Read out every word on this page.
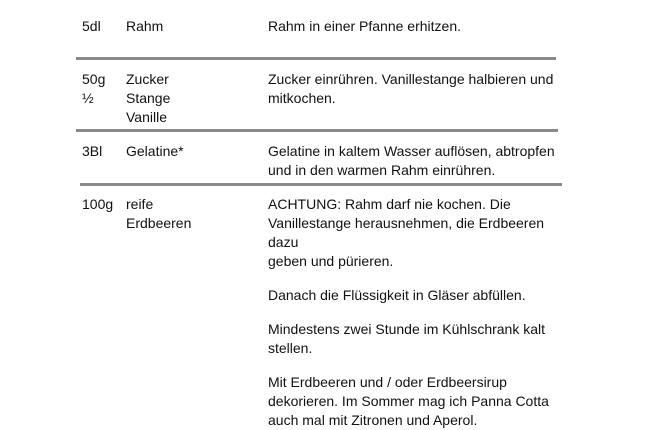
5dl Rahm	Rahm in einer Pfanne erhitzen.

50g
½
Zucker
Stange Vanille

Zucker einrühren. Vanillestange halbieren und
mitkochen.

3Bl Gelatine*	Gelatine in kaltem Wasser auflösen, abtropfen
und in den warmen Rahm einrühren.

100g reife Erdbeeren

ACHTUNG: Rahm darf nie kochen. Die
Vanillestange herausnehmen, die Erdbeeren dazu
geben und pürieren.

Danach die Flüssigkeit in Gläser abfüllen.

Mindestens zwei Stunde im Kühlschrank kalt
stellen.

Mit Erdbeeren und / oder Erdbeersirup
dekorieren. Im Sommer mag ich Panna Cotta
auch mal mit Zitronen und Aperol.
